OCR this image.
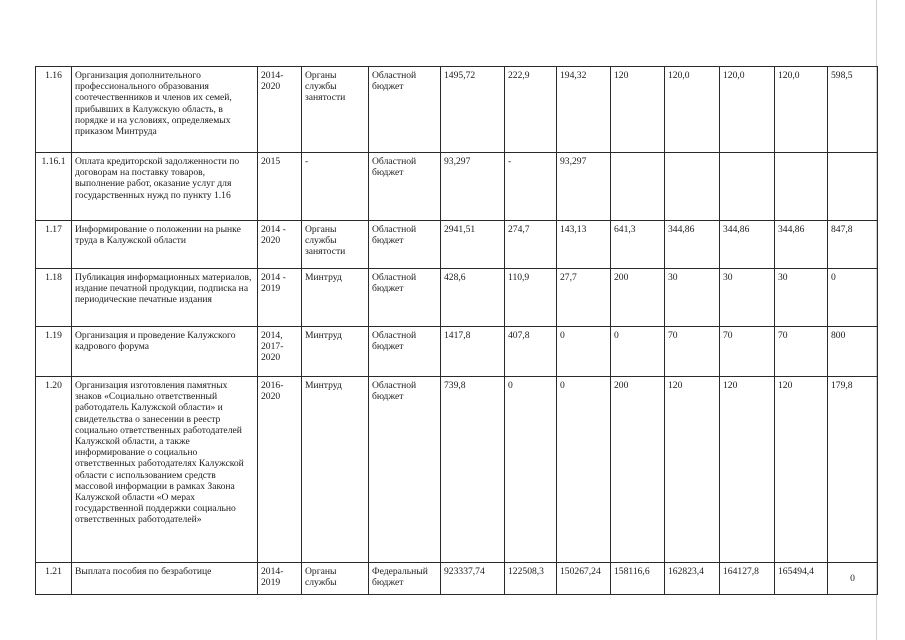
1.16	Организация дополнительного профессионального образования соотечественников и членов их семей, прибывших в Калужскую область, в порядке и на условиях, определяемых приказом Минтруда	2014-2020	Органы службы занятости	Областной бюджет	1495,72	222,9	194,32	120	120,0	120,0	120,0	598,5
1.16.1	Оплата кредиторской задолженности по договорам на поставку товаров, выполнение работ, оказание услуг для государственных нужд по пункту 1.16	2015	-	Областной бюджет	93,297	-	93,297					
1.17	Информирование о положении на рынке труда в Калужской области	2014 - 2020	Органы службы занятости	Областной бюджет	2941,51	274,7	143,13	641,3	344,86	344,86	344,86	847,8
1.18	Публикация информационных материалов, издание печатной продукции, подписка на периодические печатные издания	2014 - 2019	Минтруд	Областной бюджет	428,6	110,9	27,7	200	30	30	30	0
1.19	Организация и проведение Калужского кадрового форума	2014, 2017-2020	Минтруд	Областной бюджет	1417,8	407,8	0	0	70	70	70	800
1.20	Организация изготовления памятных знаков «Социально ответственный работодатель Калужской области» и свидетельства о занесении в реестр социально ответственных работодателей Калужской области, а также информирование о социально ответственных работодателях Калужской области с использованием средств массовой информации в рамках Закона Калужской области «О мерах государственной поддержки социально ответственных работодателей»	2016-2020	Минтруд	Областной бюджет	739,8	0	0	200	120	120	120	179,8
1.21	Выплата пособия по безработице	2014-2019	Органы службы	Федеральный бюджет	923337,74	122508,3	150267,24	158116,6	162823,4	164127,8	165494,4	0
